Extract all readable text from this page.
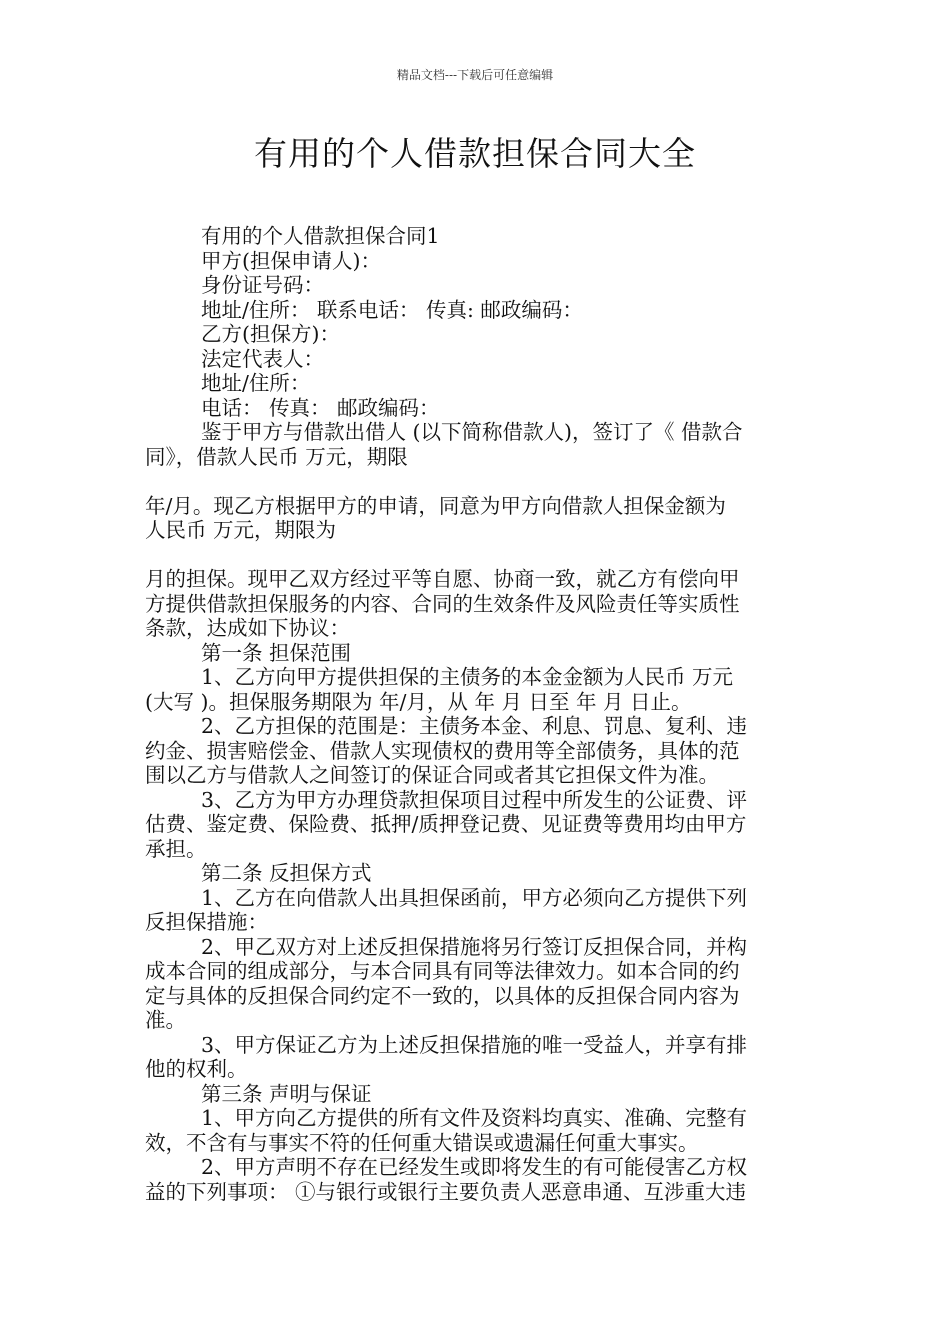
精品文档---下载后可任意编辑
有用的个人借款担保合同大全
有用的个人借款担保合同1
甲方(担保申请人)：
身份证号码：
地址/住所： 联系电话： 传真: 邮政编码：
乙方(担保方)：
法定代表人：
地址/住所：
电话： 传真： 邮政编码：
鉴于甲方与借款出借人 (以下简称借款人)，签订了《 借款合
同》，借款人民币 万元，期限
年/月。现乙方根据甲方的申请，同意为甲方向借款人担保金额为
人民币 万元，期限为
月的担保。现甲乙双方经过平等自愿、协商一致，就乙方有偿向甲
方提供借款担保服务的内容、合同的生效条件及风险责任等实质性
条款，达成如下协议：
第一条 担保范围
1、乙方向甲方提供担保的主债务的本金金额为人民币 万元
(大写 )。担保服务期限为 年/月，从 年 月 日至 年 月 日止。
2、乙方担保的范围是：主债务本金、利息、罚息、复利、违
约金、损害赔偿金、借款人实现债权的费用等全部债务，具体的范
围以乙方与借款人之间签订的保证合同或者其它担保文件为准。
3、乙方为甲方办理贷款担保项目过程中所发生的公证费、评
估费、鉴定费、保险费、抵押/质押登记费、见证费等费用均由甲方
承担。
第二条 反担保方式
1、乙方在向借款人出具担保函前，甲方必须向乙方提供下列
反担保措施：
2、甲乙双方对上述反担保措施将另行签订反担保合同，并构
成本合同的组成部分，与本合同具有同等法律效力。如本合同的约
定与具体的反担保合同约定不一致的，以具体的反担保合同内容为
准。
3、甲方保证乙方为上述反担保措施的唯一受益人，并享有排
他的权利。
第三条 声明与保证
1、甲方向乙方提供的所有文件及资料均真实、准确、完整有
效，不含有与事实不符的任何重大错误或遗漏任何重大事实。
2、甲方声明不存在已经发生或即将发生的有可能侵害乙方权
益的下列事项： ①与银行或银行主要负责人恶意串通、互涉重大违
